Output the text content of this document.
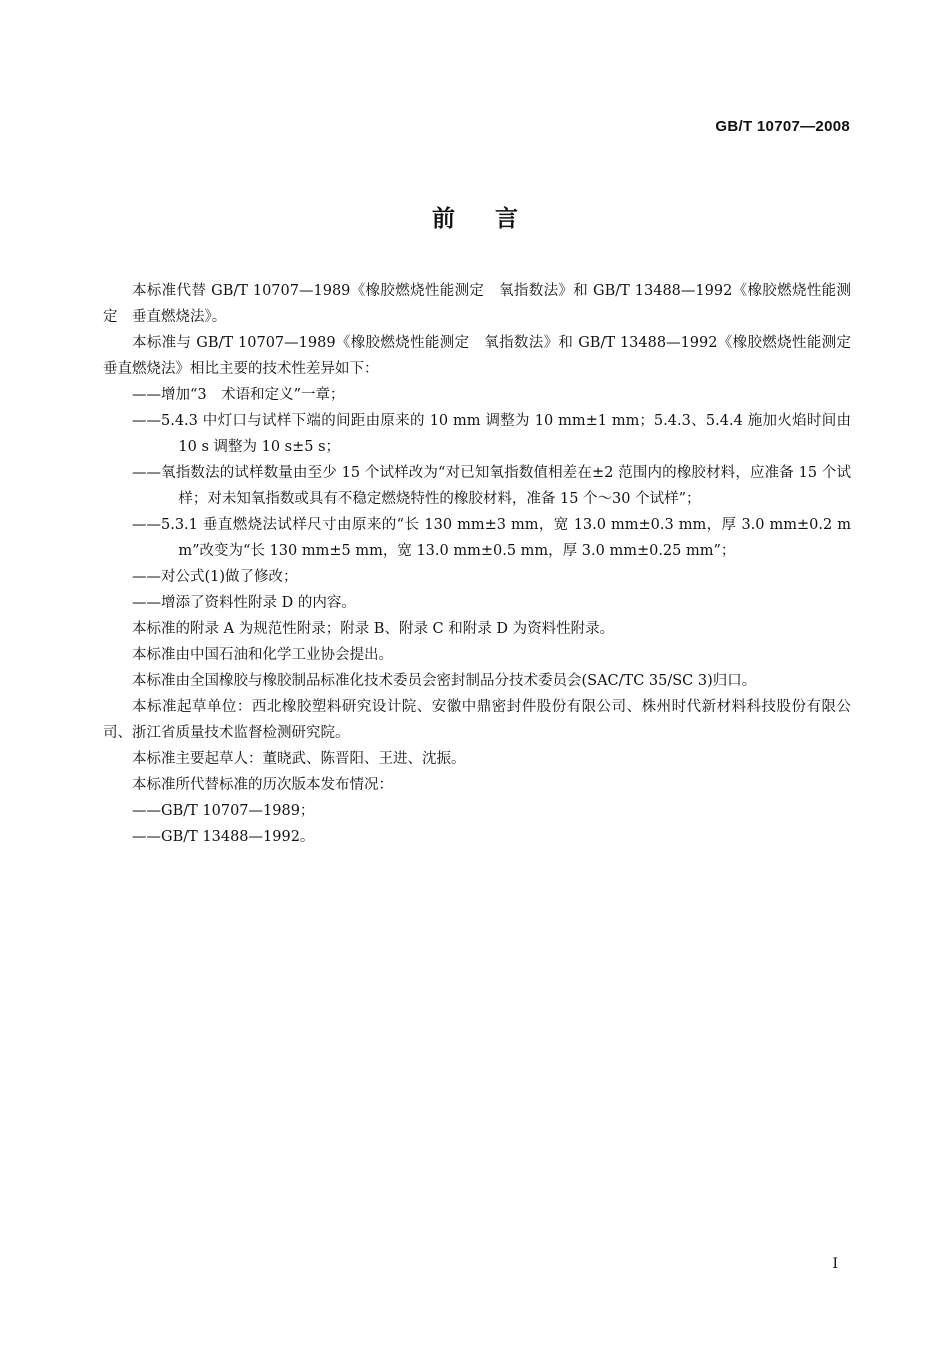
GB/T 10707—2008
前言

本标准代替 GB/T 10707—1989《橡胶燃烧性能测定　氧指数法》和 GB/T 13488—1992《橡胶燃烧性能测定　垂直燃烧法》。

本标准与 GB/T 10707—1989《橡胶燃烧性能测定　氧指数法》和 GB/T 13488—1992《橡胶燃烧性能测定　垂直燃烧法》相比主要的技术性差异如下：

——增加“3　术语和定义”一章；

——5.4.3 中灯口与试样下端的间距由原来的 10 mm 调整为 10 mm±1 mm；5.4.3、5.4.4 施加火焰时间由 10 s 调整为 10 s±5 s；

——氧指数法的试样数量由至少 15 个试样改为“对已知氧指数值相差在±2 范围内的橡胶材料，应准备 15 个试样；对未知氧指数或具有不稳定燃烧特性的橡胶材料，准备 15 个～30 个试样”；

——5.3.1 垂直燃烧法试样尺寸由原来的“长 130 mm±3 mm，宽 13.0 mm±0.3 mm，厚 3.0 mm±0.2 mm”改变为“长 130 mm±5 mm，宽 13.0 mm±0.5 mm，厚 3.0 mm±0.25 mm”；

——对公式(1)做了修改；

——增添了资料性附录 D 的内容。

本标准的附录 A 为规范性附录；附录 B、附录 C 和附录 D 为资料性附录。

本标准由中国石油和化学工业协会提出。

本标准由全国橡胶与橡胶制品标准化技术委员会密封制品分技术委员会(SAC/TC 35/SC 3)归口。

本标准起草单位：西北橡胶塑料研究设计院、安徽中鼎密封件股份有限公司、株州时代新材料科技股份有限公司、浙江省质量技术监督检测研究院。

本标准主要起草人：董晓武、陈晋阳、王进、沈振。

本标准所代替标准的历次版本发布情况：

——GB/T 10707—1989；

——GB/T 13488—1992。

I
